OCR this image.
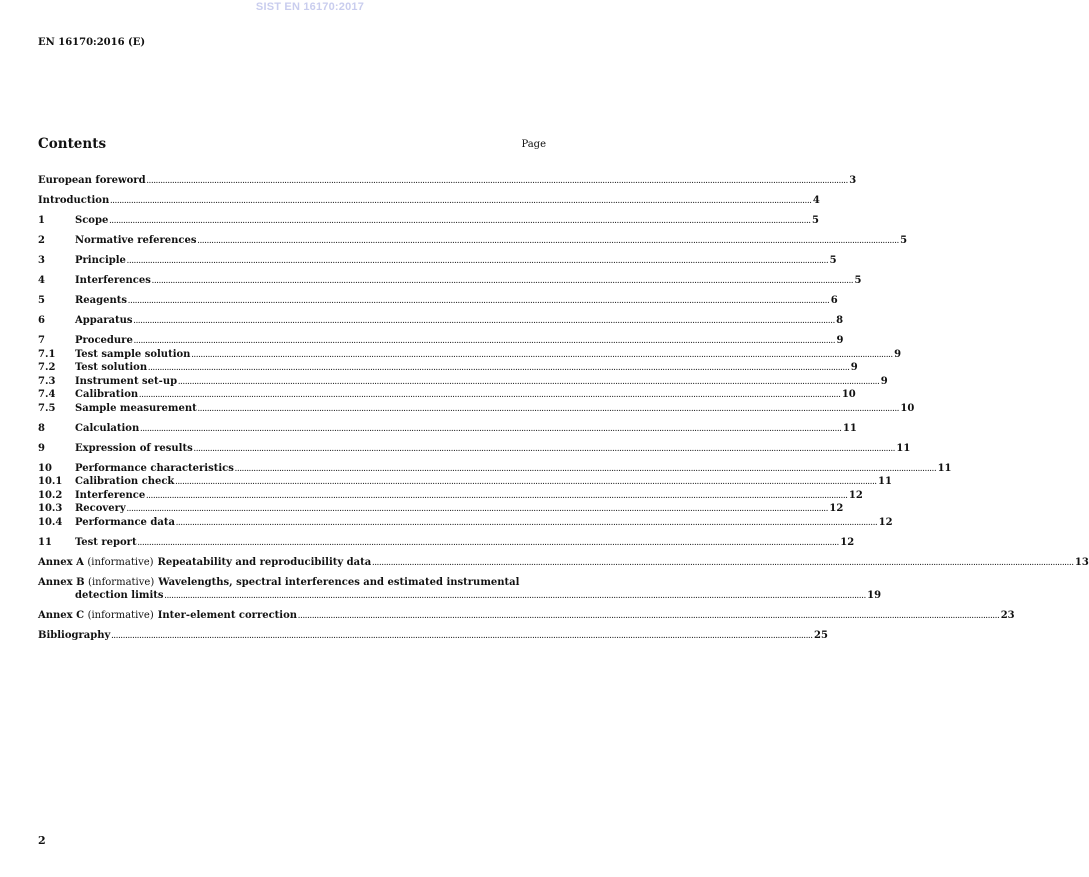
SIST EN 16170:2017
EN 16170:2016 (E)
Contents	Page
European foreword ............................................................................................................................................................................................................................................................................................................ 3
Introduction ............................................................................................................................................................................................................................................................................................................ 4
1	Scope ............................................................................................................................................................................................................................................................................................................ 5
2	Normative references ............................................................................................................................................................................................................................................................................................................ 5
3	Principle ............................................................................................................................................................................................................................................................................................................ 5
4	Interferences ............................................................................................................................................................................................................................................................................................................ 5
5	Reagents ............................................................................................................................................................................................................................................................................................................ 6
6	Apparatus ............................................................................................................................................................................................................................................................................................................ 8
7	Procedure ............................................................................................................................................................................................................................................................................................................ 9
7.1	Test sample solution ............................................................................................................................................................................................................................................................................................................ 9
7.2	Test solution ............................................................................................................................................................................................................................................................................................................ 9
7.3	Instrument set-up ............................................................................................................................................................................................................................................................................................................ 9
7.4	Calibration ............................................................................................................................................................................................................................................................................................................ 10
7.5	Sample measurement ............................................................................................................................................................................................................................................................................................................ 10
8	Calculation ............................................................................................................................................................................................................................................................................................................ 11
9	Expression of results ............................................................................................................................................................................................................................................................................................................ 11
10	Performance characteristics ............................................................................................................................................................................................................................................................................................................ 11
10.1	Calibration check ............................................................................................................................................................................................................................................................................................................ 11
10.2	Interference ............................................................................................................................................................................................................................................................................................................ 12
10.3	Recovery ............................................................................................................................................................................................................................................................................................................ 12
10.4	Performance data ............................................................................................................................................................................................................................................................................................................ 12
11	Test report ............................................................................................................................................................................................................................................................................................................ 12
Annex A (informative) Repeatability and reproducibility data ............................................................................................................................................................................................................................................................................................................ 13
Annex B (informative) Wavelengths, spectral interferences and estimated instrumental
detection limits ............................................................................................................................................................................................................................................................................................................ 19
Annex C (informative) Inter-element correction ............................................................................................................................................................................................................................................................................................................ 23
Bibliography ............................................................................................................................................................................................................................................................................................................ 25
2
